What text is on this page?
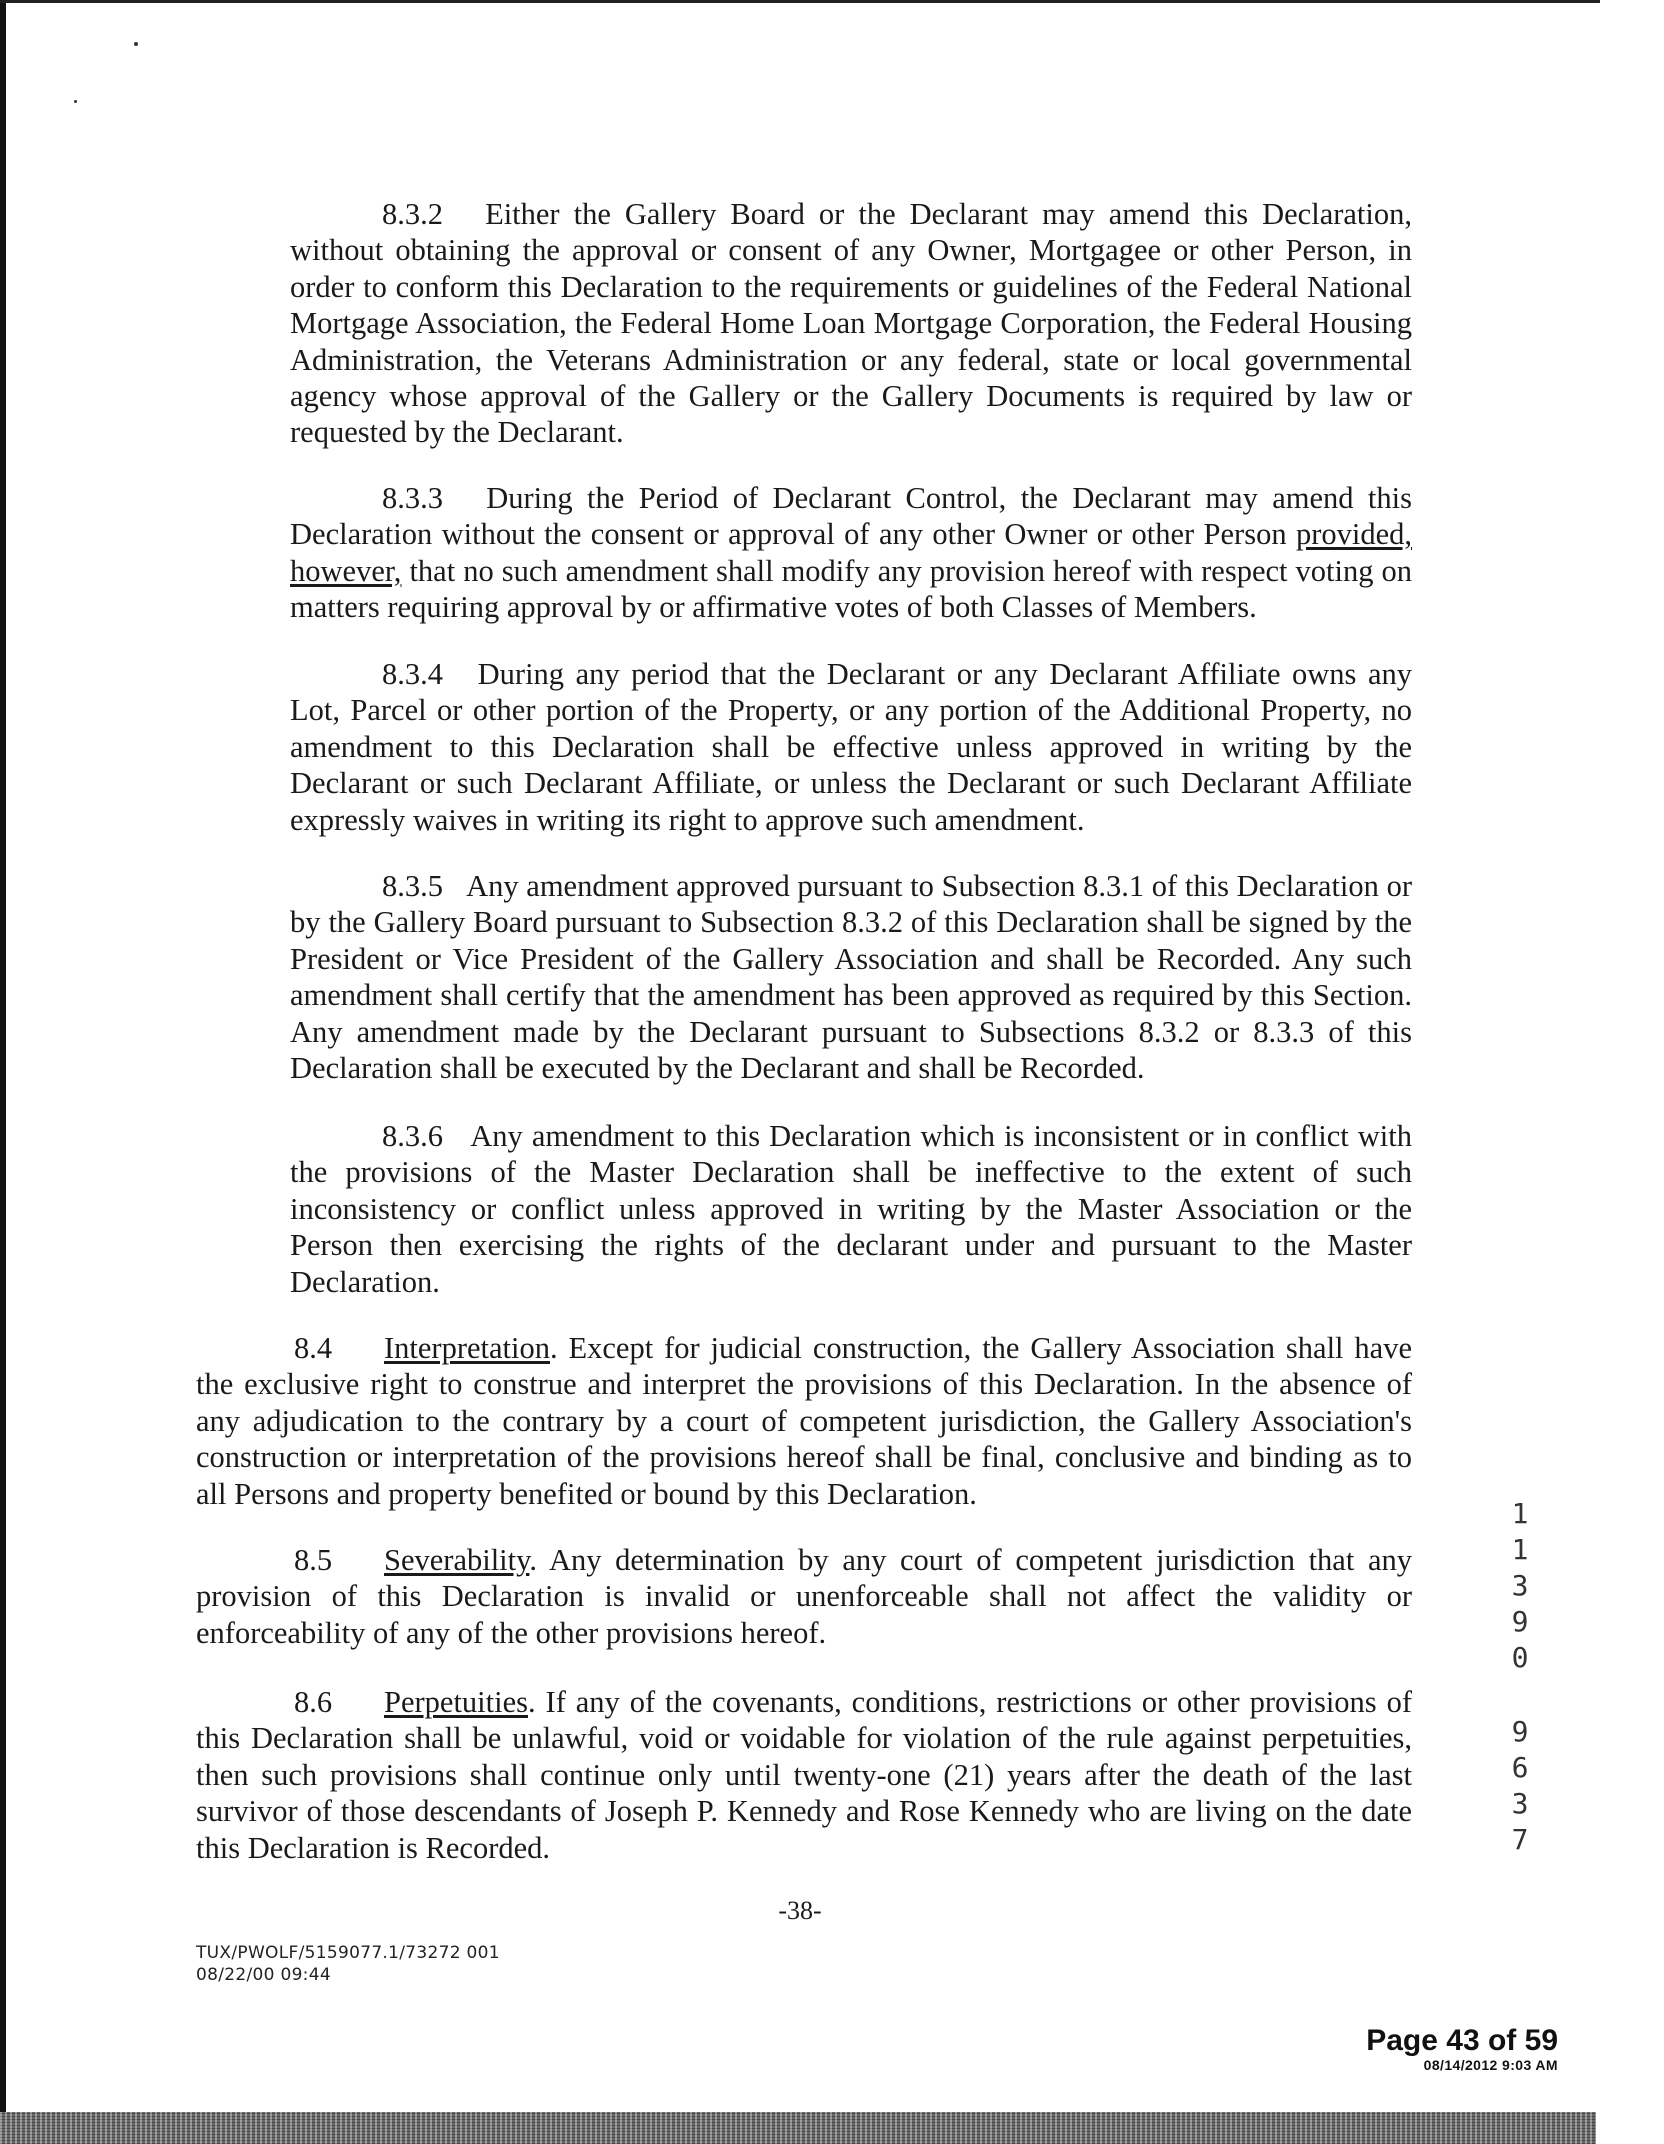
8.3.2 Either the Gallery Board or the Declarant may amend this Declaration, without obtaining the approval or consent of any Owner, Mortgagee or other Person, in order to conform this Declaration to the requirements or guidelines of the Federal National Mortgage Association, the Federal Home Loan Mortgage Corporation, the Federal Housing Administration, the Veterans Administration or any federal, state or local governmental agency whose approval of the Gallery or the Gallery Documents is required by law or requested by the Declarant.

8.3.3 During the Period of Declarant Control, the Declarant may amend this Declaration without the consent or approval of any other Owner or other Person provided, however, that no such amendment shall modify any provision hereof with respect voting on matters requiring approval by or affirmative votes of both Classes of Members.

8.3.4 During any period that the Declarant or any Declarant Affiliate owns any Lot, Parcel or other portion of the Property, or any portion of the Additional Property, no amendment to this Declaration shall be effective unless approved in writing by the Declarant or such Declarant Affiliate, or unless the Declarant or such Declarant Affiliate expressly waives in writing its right to approve such amendment.

8.3.5 Any amendment approved pursuant to Subsection 8.3.1 of this Declaration or by the Gallery Board pursuant to Subsection 8.3.2 of this Declaration shall be signed by the President or Vice President of the Gallery Association and shall be Recorded. Any such amendment shall certify that the amendment has been approved as required by this Section. Any amendment made by the Declarant pursuant to Subsections 8.3.2 or 8.3.3 of this Declaration shall be executed by the Declarant and shall be Recorded.

8.3.6 Any amendment to this Declaration which is inconsistent or in conflict with the provisions of the Master Declaration shall be ineffective to the extent of such inconsistency or conflict unless approved in writing by the Master Association or the Person then exercising the rights of the declarant under and pursuant to the Master Declaration.

8.4 Interpretation. Except for judicial construction, the Gallery Association shall have the exclusive right to construe and interpret the provisions of this Declaration. In the absence of any adjudication to the contrary by a court of competent jurisdiction, the Gallery Association's construction or interpretation of the provisions hereof shall be final, conclusive and binding as to all Persons and property benefited or bound by this Declaration.

8.5 Severability. Any determination by any court of competent jurisdiction that any provision of this Declaration is invalid or unenforceable shall not affect the validity or enforceability of any of the other provisions hereof.

8.6 Perpetuities. If any of the covenants, conditions, restrictions or other provisions of this Declaration shall be unlawful, void or voidable for violation of the rule against perpetuities, then such provisions shall continue only until twenty-one (21) years after the death of the last survivor of those descendants of Joseph P. Kennedy and Rose Kennedy who are living on the date this Declaration is Recorded.

1
1
3
9
0
9
6
3
7
-38-
TUX/PWOLF/5159077.1/73272 001
08/22/00 09:44
Page 43 of 59
08/14/2012 9:03 AM
